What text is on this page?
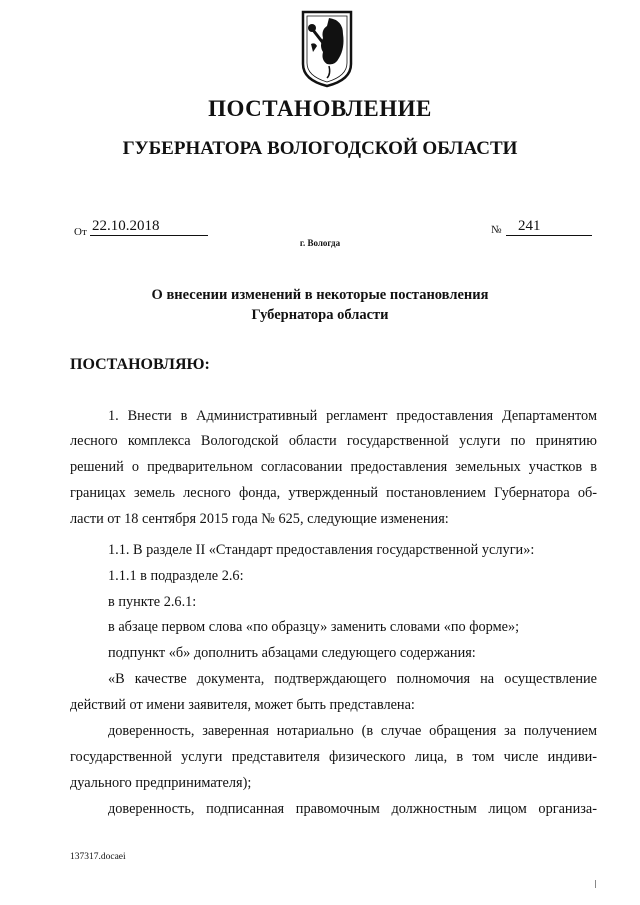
ПОСТАНОВЛЕНИЕ
ГУБЕРНАТОРА ВОЛОГОДСКОЙ ОБЛАСТИ
От 22.10.2018	№	241
г. Вологда
О внесении изменений в некоторые постановления
Губернатора области
ПОСТАНОВЛЯЮ:
1. Внести в Административный регламент предоставления Департаментом
лесного комплекса Вологодской области государственной услуги по принятию
решений о предварительном согласовании предоставления земельных участков в
границах земель лесного фонда, утвержденный постановлением Губернатора об-
ласти от 18 сентября 2015 года № 625, следующие изменения:
1.1. В разделе II «Стандарт предоставления государственной услуги»:
1.1.1 в подразделе 2.6:
в пункте 2.6.1:
в абзаце первом слова «по образцу» заменить словами «по форме»;
подпункт «б» дополнить абзацами следующего содержания:
«В качестве документа, подтверждающего полномочия на осуществление
действий от имени заявителя, может быть представлена:
доверенность, заверенная нотариально (в случае обращения за получением
государственной услуги представителя физического лица, в том числе индиви-
дуального предпринимателя);
доверенность, подписанная правомочным должностным лицом организа-
137317.docaei
